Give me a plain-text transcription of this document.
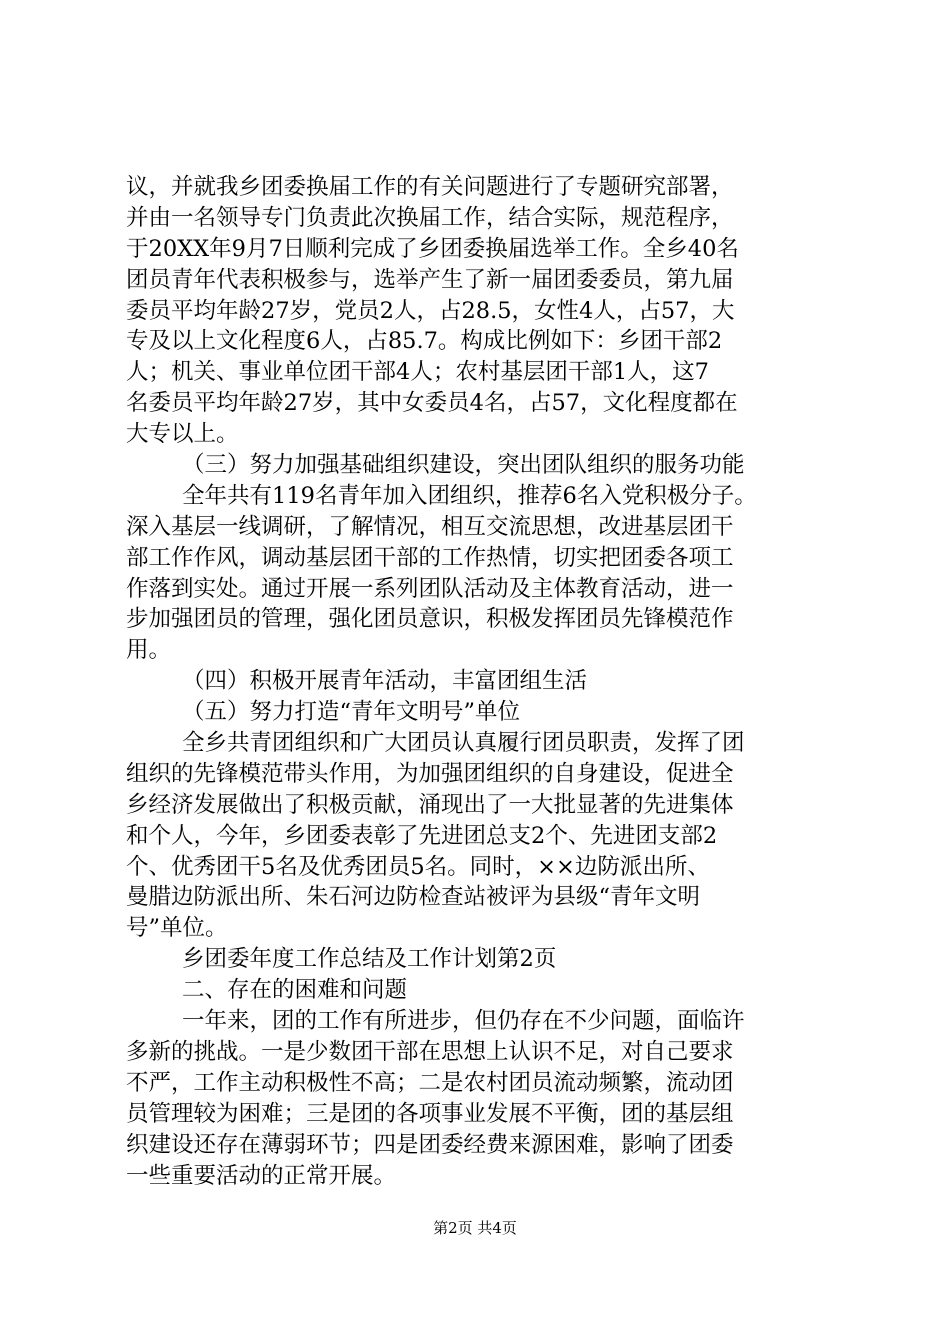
议，并就我乡团委换届工作的有关问题进行了专题研究部署，
并由一名领导专门负责此次换届工作，结合实际，规范程序，
于20XX年9月7日顺利完成了乡团委换届选举工作。全乡40名
团员青年代表积极参与，选举产生了新一届团委委员，第九届
委员平均年龄27岁，党员2人，占28.5，女性4人，占57，大
专及以上文化程度6人，占85.7。构成比例如下：乡团干部2
人；机关、事业单位团干部4人；农村基层团干部1人，这7
名委员平均年龄27岁，其中女委员4名，占57，文化程度都在
大专以上。
（三）努力加强基础组织建设，突出团队组织的服务功能
全年共有119名青年加入团组织，推荐6名入党积极分子。
深入基层一线调研，了解情况，相互交流思想，改进基层团干
部工作作风，调动基层团干部的工作热情，切实把团委各项工
作落到实处。通过开展一系列团队活动及主体教育活动，进一
步加强团员的管理，强化团员意识，积极发挥团员先锋模范作
用。
（四）积极开展青年活动，丰富团组生活
（五）努力打造“青年文明号”单位
全乡共青团组织和广大团员认真履行团员职责，发挥了团
组织的先锋模范带头作用，为加强团组织的自身建设，促进全
乡经济发展做出了积极贡献，涌现出了一大批显著的先进集体
和个人，今年，乡团委表彰了先进团总支2个、先进团支部2
个、优秀团干5名及优秀团员5名。同时，××边防派出所、
曼腊边防派出所、朱石河边防检查站被评为县级“青年文明
号”单位。
乡团委年度工作总结及工作计划第2页
二、存在的困难和问题
一年来，团的工作有所进步，但仍存在不少问题，面临许
多新的挑战。一是少数团干部在思想上认识不足，对自己要求
不严，工作主动积极性不高；二是农村团员流动频繁，流动团
员管理较为困难；三是团的各项事业发展不平衡，团的基层组
织建设还存在薄弱环节；四是团委经费来源困难，影响了团委
一些重要活动的正常开展。
第2页 共4页
